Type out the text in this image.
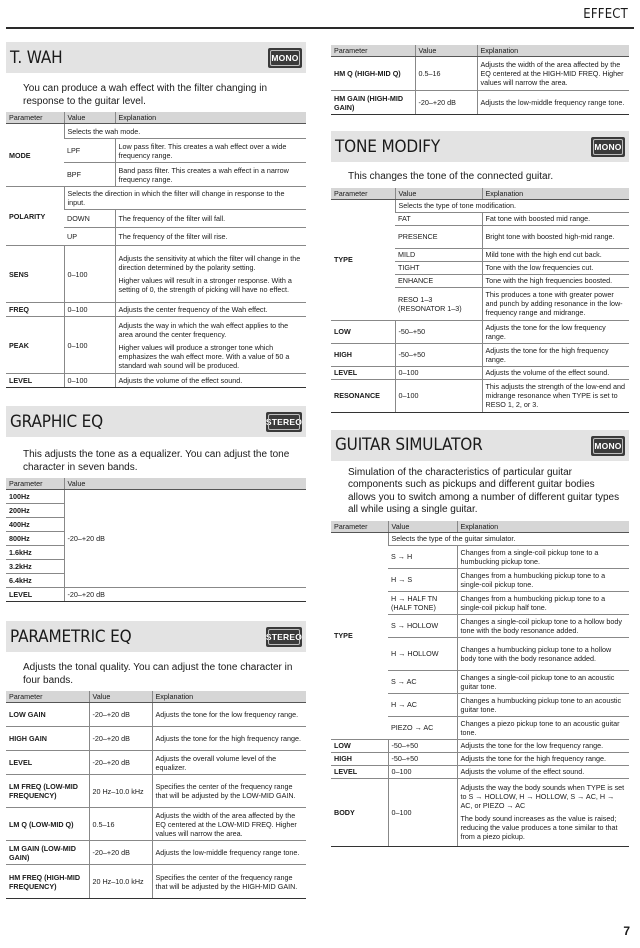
EFFECT
T. WAH	MONO
You can produce a wah effect with the filter changing in response to the guitar level.
Parameter	Value	Explanation
MODE	Selects the wah mode.	
	LPF	Low pass filter. This creates a wah effect over a wide frequency range.
	BPF	Band pass filter. This creates a wah effect in a narrow frequency range.
POLARITY	Selects the direction in which the filter will change in response to the input.	
	DOWN	The frequency of the filter will fall.
	UP	The frequency of the filter will rise.
SENS	0–100	Adjusts the sensitivity at which the filter will change in the direction determined by the polarity setting.
Higher values will result in a stronger response. With a setting of 0, the strength of picking will have no effect.

FREQ	0–100	Adjusts the center frequency of the Wah effect.
PEAK	0–100	Adjusts the way in which the wah effect applies to the area around the center frequency.
Higher values will produce a stronger tone which emphasizes the wah effect more. With a value of 50 a standard wah sound will be produced.

LEVEL	0–100	Adjusts the volume of the effect sound.
GRAPHIC EQ	STEREO
This adjusts the tone as a equalizer. You can adjust the tone character in seven bands.
Parameter	Value
100Hz	-20–+20 dB
200Hz	
400Hz	
800Hz	
1.6kHz	
3.2kHz	
6.4kHz	
LEVEL	-20–+20 dB
PARAMETRIC EQ	STEREO
Adjusts the tonal quality. You can adjust the tone character in four bands.
Parameter	Value	Explanation
LOW GAIN	-20–+20 dB	Adjusts the tone for the low frequency range.
HIGH GAIN	-20–+20 dB	Adjusts the tone for the high frequency range.
LEVEL	-20–+20 dB	Adjusts the overall volume level of the equalizer.
LM FREQ (LOW-MID FREQUENCY)	20 Hz–10.0 kHz	Specifies the center of the frequency range that will be adjusted by the LOW-MID GAIN.
LM Q (LOW-MID Q)	0.5–16	Adjusts the width of the area affected by the EQ centered at the LOW-MID FREQ. Higher values will narrow the area.
LM GAIN (LOW-MID GAIN)	-20–+20 dB	Adjusts the low-middle frequency range tone.
HM FREQ (HIGH-MID FREQUENCY)	20 Hz–10.0 kHz	Specifies the center of the frequency range that will be adjusted by the HIGH-MID GAIN.
Parameter	Value	Explanation
HM Q (HIGH-MID Q)	0.5–16	Adjusts the width of the area affected by the EQ centered at the HIGH-MID FREQ. Higher values will narrow the area.
HM GAIN (HIGH-MID GAIN)	-20–+20 dB	Adjusts the low-middle frequency range tone.
TONE MODIFY	MONO
This changes the tone of the connected guitar.
Parameter	Value	Explanation
TYPE	Selects the type of tone modification.	
	FAT	Fat tone with boosted mid range.
	PRESENCE	Bright tone with boosted high-mid range.
	MILD	Mild tone with the high end cut back.
	TIGHT	Tone with the low frequencies cut.
	ENHANCE	Tone with the high frequencies boosted.
	RESO 1–3 (RESONATOR 1–3)	This produces a tone with greater power and punch by adding resonance in the low-frequency range and midrange.
LOW	-50–+50	Adjusts the tone for the low frequency range.
HIGH	-50–+50	Adjusts the tone for the high frequency range.
LEVEL	0–100	Adjusts the volume of the effect sound.
RESONANCE	0–100	This adjusts the strength of the low-end and midrange resonance when TYPE is set to RESO 1, 2, or 3.
GUITAR SIMULATOR	MONO
Simulation of the characteristics of particular guitar components such as pickups and different guitar bodies allows you to switch among a number of different guitar types all while using a single guitar.
Parameter	Value	Explanation
TYPE	Selects the type of the guitar simulator.	
	S → H	Changes from a single-coil pickup tone to a humbucking pickup tone.
	H → S	Changes from a humbucking pickup tone to a single-coil pickup tone.
	H → HALF TN (HALF TONE)	Changes from a humbucking pickup tone to a single-coil pickup half tone.
	S → HOLLOW	Changes a single-coil pickup tone to a hollow body tone with the body resonance added.
	H → HOLLOW	Changes a humbucking pickup tone to a hollow body tone with the body resonance added.
	S → AC	Changes a single-coil pickup tone to an acoustic guitar tone.
	H → AC	Changes a humbucking pickup tone to an acoustic guitar tone.
	PIEZO → AC	Changes a piezo pickup tone to an acoustic guitar tone.
LOW	-50–+50	Adjusts the tone for the low frequency range.
HIGH	-50–+50	Adjusts the tone for the high frequency range.
LEVEL	0–100	Adjusts the volume of the effect sound.
BODY	0–100	Adjusts the way the body sounds when TYPE is set to S → HOLLOW, H → HOLLOW, S → AC, H → AC, or PIEZO → AC
The body sound increases as the value is raised; reducing the value produces a tone similar to that from a piezo pickup.
7
